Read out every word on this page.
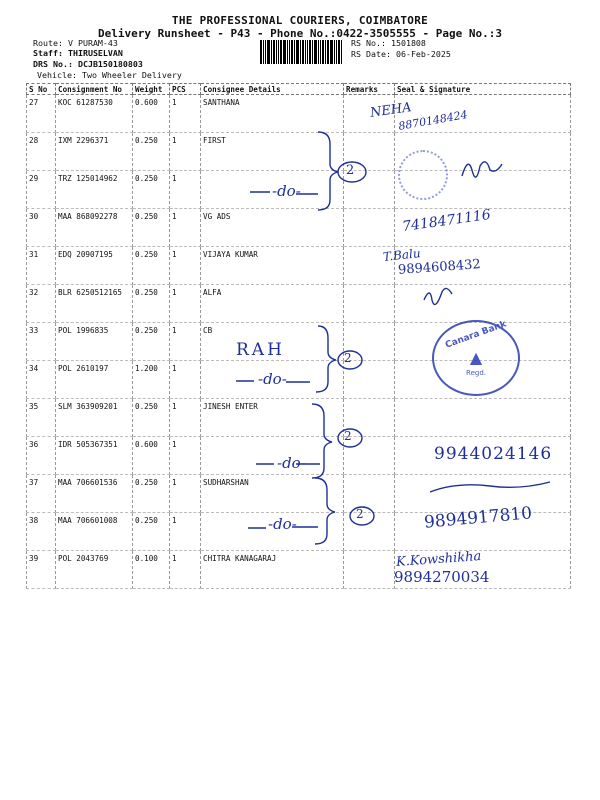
THE PROFESSIONAL COURIERS, COIMBATORE
Delivery Runsheet - P43 - Phone No.:0422-3505555 - Page No.:3
Route: V PURAM-43
Staff: THIRUSELVAN
DRS No.: DCJB150180803
Vehicle: Two Wheeler Delivery
RS No.: 1501808
RS Date: 06-Feb-2025
S No	Consignment No	Weight	PCS	Consignee Details	Remarks	Seal & Signature
27	KOC 61287530	0.600	1	SANTHANA		
28	IXM 2296371	0.250	1	FIRST		
29	TRZ 125014962	0.250	1			
30	MAA 868092278	0.250	1	VG ADS		
31	EDQ 20907195	0.250	1	VIJAYA KUMAR		
32	BLR 6250512165	0.250	1	ALFA		
33	POL 1996835	0.250	1	CB		
34	POL 2610197	1.200	1			
35	SLM 363909201	0.250	1	JINESH ENTER		
36	IDR 505367351	0.600	1			
37	MAA 706601536	0.250	1	SUDHARSHAN		
38	MAA 706601008	0.250	1			
39	POL 2043769	0.100	1	CHITRA KANAGARAJ		
NEHA
8870148424
-do-
2
7418471116
T.Balu
9894608432
RAH
-do-
2
-do-
2
9944024146
-do-
2	9894917810
K.Kowshikha
9894270034
Canara Bank
▲
Regd.
